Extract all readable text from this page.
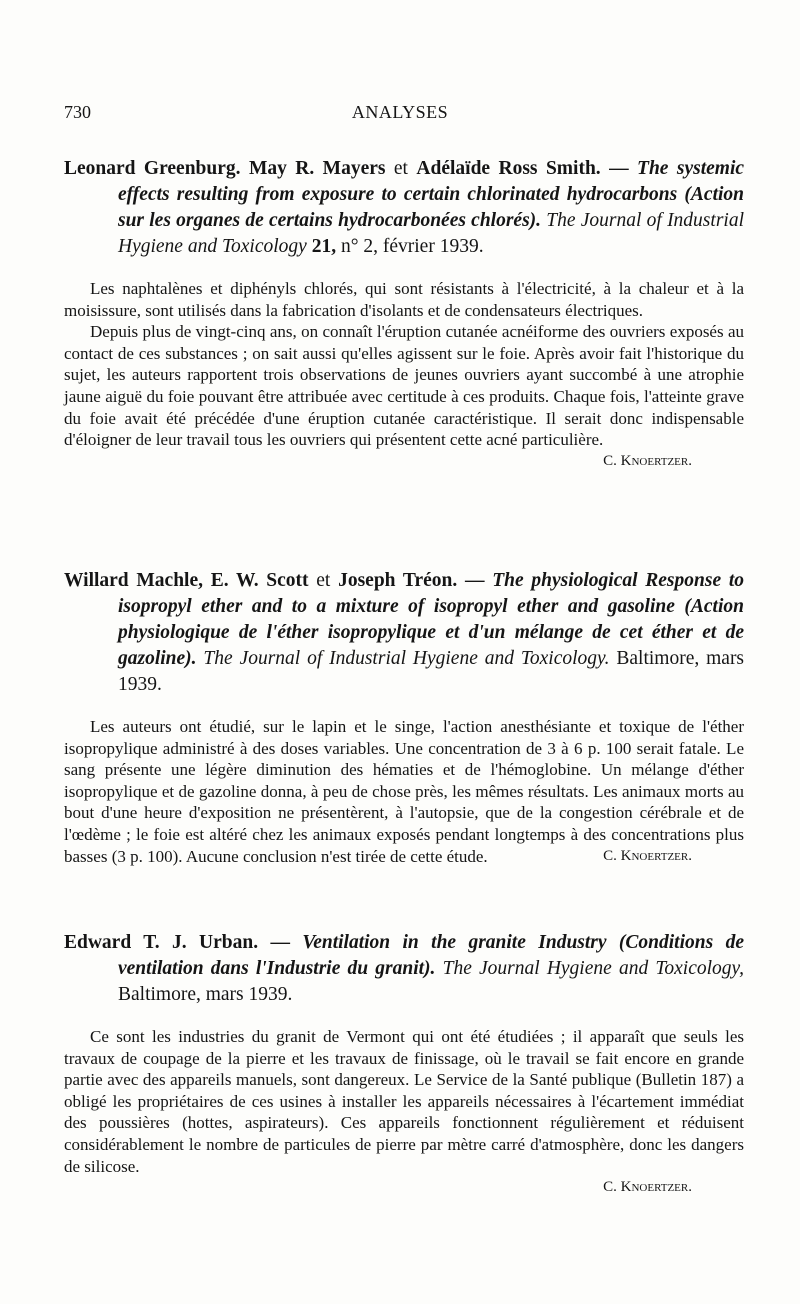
730	ANALYSES
Leonard Greenburg. May R. Mayers et Adélaïde Ross Smith. — The systemic effects resulting from exposure to certain chlorinated hydrocarbons (Action sur les organes de certains hydrocarbonées chlorés). The Journal of Industrial Hygiene and Toxicology 21, n° 2, février 1939.

Les naphtalènes et diphényls chlorés, qui sont résistants à l'électricité, à la chaleur et à la moisissure, sont utilisés dans la fabrication d'isolants et de condensateurs électriques.

Depuis plus de vingt-cinq ans, on connaît l'éruption cutanée acnéiforme des ouvriers exposés au contact de ces substances ; on sait aussi qu'elles agissent sur le foie. Après avoir fait l'historique du sujet, les auteurs rapportent trois observations de jeunes ouvriers ayant succombé à une atrophie jaune aiguë du foie pouvant être attribuée avec certitude à ces produits. Chaque fois, l'atteinte grave du foie avait été précédée d'une éruption cutanée caractéristique. Il serait donc indispensable d'éloigner de leur travail tous les ouvriers qui présentent cette acné particulière.
C. Knoertzer.

Willard Machle, E. W. Scott et Joseph Tréon. — The physiological Response to isopropyl ether and to a mixture of isopropyl ether and gasoline (Action physiologique de l'éther isopropylique et d'un mélange de cet éther et de gazoline). The Journal of Industrial Hygiene and Toxicology. Baltimore, mars 1939.

Les auteurs ont étudié, sur le lapin et le singe, l'action anesthésiante et toxique de l'éther isopropylique administré à des doses variables. Une concentration de 3 à 6 p. 100 serait fatale. Le sang présente une légère diminution des hématies et de l'hémoglobine. Un mélange d'éther isopropylique et de gazoline donna, à peu de chose près, les mêmes résultats. Les animaux morts au bout d'une heure d'exposition ne présentèrent, à l'autopsie, que de la congestion cérébrale et de l'œdème ; le foie est altéré chez les animaux exposés pendant longtemps à des concentrations plus basses (3 p. 100). Aucune conclusion n'est tirée de cette étude.	C. Knoertzer.

Edward T. J. Urban. — Ventilation in the granite Industry (Conditions de ventilation dans l'Industrie du granit). The Journal Hygiene and Toxicology, Baltimore, mars 1939.

Ce sont les industries du granit de Vermont qui ont été étudiées ; il apparaît que seuls les travaux de coupage de la pierre et les travaux de finissage, où le travail se fait encore en grande partie avec des appareils manuels, sont dangereux. Le Service de la Santé publique (Bulletin 187) a obligé les propriétaires de ces usines à installer les appareils nécessaires à l'écartement immédiat des poussières (hottes, aspirateurs). Ces appareils fonctionnent régulièrement et réduisent considérablement le nombre de particules de pierre par mètre carré d'atmosphère, donc les dangers de silicose.

C. Knoertzer.
